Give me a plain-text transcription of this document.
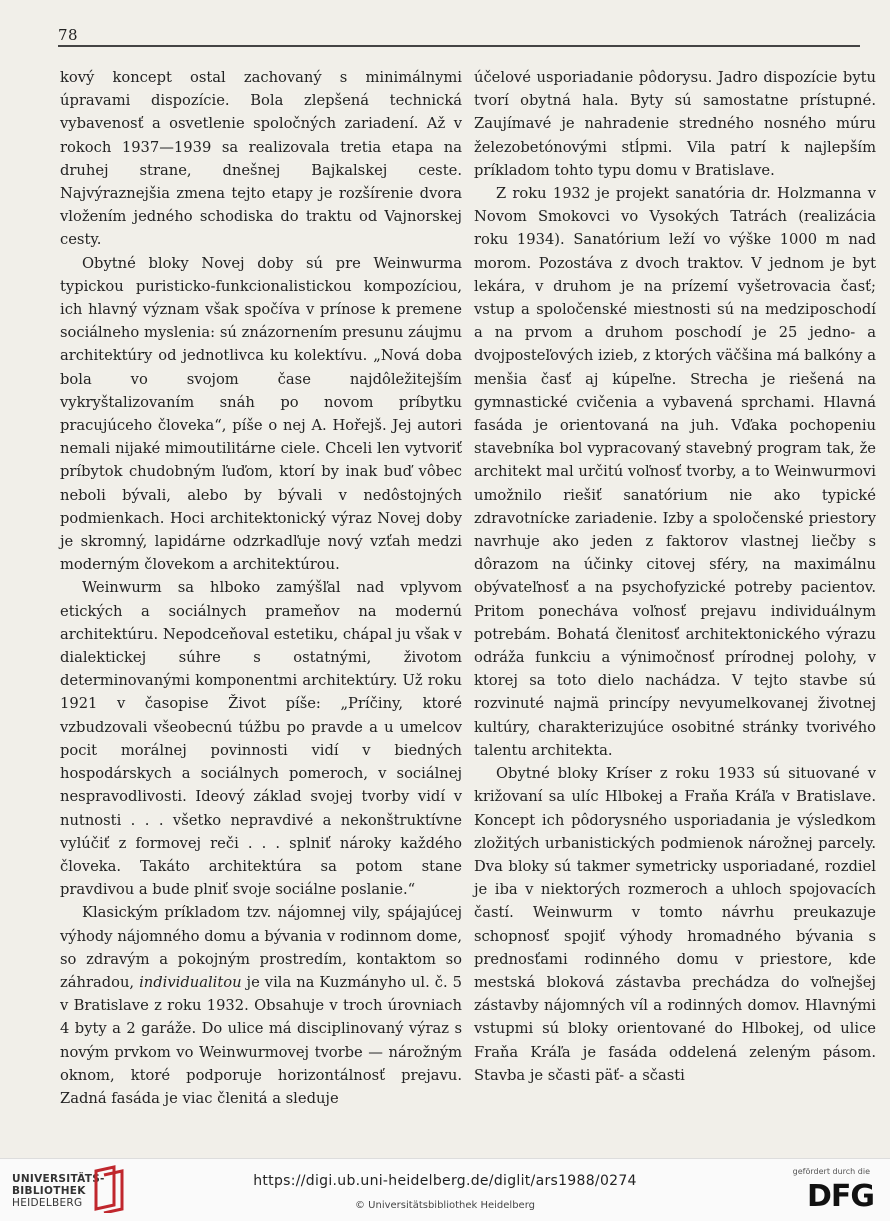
78

kový koncept ostal zachovaný s minimálnymi úpravami dispozície. Bola zlepšená technická vybavenosť a osvetlenie spoločných zariadení. Až v rokoch 1937—1939 sa realizovala tretia etapa na druhej strane, dnešnej Bajkalskej ceste. Najvýraznejšia zmena tejto etapy je rozšírenie dvora vložením jedného schodiska do traktu od Vajnorskej cesty.

Obytné bloky Novej doby sú pre Weinwurma typickou puristicko-funkcionalistickou kompozíciou, ich hlavný význam však spočíva v prínose k premene sociálneho myslenia: sú znázornením presunu záujmu architektúry od jednotlivca ku kolektívu. „Nová doba bola vo svojom čase najdôležitejším vykryštalizovaním snáh po novom príbytku pracujúceho človeka“, píše o nej A. Hořejš. Jej autori nemali nijaké mimoutilitárne ciele. Chceli len vytvoriť príbytok chudobným ľuďom, ktorí by inak buď vôbec neboli bývali, alebo by bývali v nedôstojných podmienkach. Hoci architektonický výraz Novej doby je skromný, lapidárne odzrkadľuje nový vzťah medzi moderným človekom a architektúrou.

Weinwurm sa hlboko zamýšľal nad vplyvom etických a sociálnych prameňov na modernú architektúru. Nepodceňoval estetiku, chápal ju však v dialektickej súhre s ostatnými, životom determinovanými komponentmi architektúry. Už roku 1921 v časopise Život píše: „Príčiny, ktoré vzbudzovali všeobecnú túžbu po pravde a u umelcov pocit morálnej povinnosti vidí v biedných hospodárskych a sociálnych pomeroch, v sociálnej nespravodlivosti. Ideový základ svojej tvorby vidí v nutnosti . . . všetko nepravdivé a nekonštruktívne vylúčiť z formovej reči . . . splniť nároky každého človeka. Takáto architektúra sa potom stane pravdivou a bude plniť svoje sociálne poslanie.“

Klasickým príkladom tzv. nájomnej vily, spájajúcej výhody nájomného domu a bývania v rodinnom dome, so zdravým a pokojným prostredím, kontaktom so záhradou, individualitou je vila na Kuzmányho ul. č. 5 v Bratislave z roku 1932. Obsahuje v troch úrovniach 4 byty a 2 garáže. Do ulice má disciplinovaný výraz s novým prvkom vo Weinwurmovej tvorbe — nárožným oknom, ktoré podporuje horizontálnosť prejavu. Zadná fasáda je viac členitá a sleduje

účelové usporiadanie pôdorysu. Jadro dispozície bytu tvorí obytná hala. Byty sú samostatne prístupné. Zaujímavé je nahradenie stredného nosného múru železobetónovými stĺpmi. Vila patrí k najlepším príkladom tohto typu domu v Bratislave.

Z roku 1932 je projekt sanatória dr. Holzmanna v Novom Smokovci vo Vysokých Tatrách (realizácia roku 1934). Sanatórium leží vo výške 1000 m nad morom. Pozostáva z dvoch traktov. V jednom je byt lekára, v druhom je na prízemí vyšetrovacia časť; vstup a spoločenské miestnosti sú na medziposchodí a na prvom a druhom poschodí je 25 jedno- a dvojposteľových izieb, z ktorých väčšina má balkóny a menšia časť aj kúpeľne. Strecha je riešená na gymnastické cvičenia a vybavená sprchami. Hlavná fasáda je orientovaná na juh. Vďaka pochopeniu stavebníka bol vypracovaný stavebný program tak, že architekt mal určitú voľnosť tvorby, a to Weinwurmovi umožnilo riešiť sanatórium nie ako typické zdravotnícke zariadenie. Izby a spoločenské priestory navrhuje ako jeden z faktorov vlastnej liečby s dôrazom na účinky citovej sféry, na maximálnu obývateľnosť a na psychofyzické potreby pacientov. Pritom ponecháva voľnosť prejavu individuálnym potrebám. Bohatá členitosť architektonického výrazu odráža funkciu a výnimočnosť prírodnej polohy, v ktorej sa toto dielo nachádza. V tejto stavbe sú rozvinuté najmä princípy nevyumelkovanej životnej kultúry, charakterizujúce osobitné stránky tvorivého talentu architekta.

Obytné bloky Kríser z roku 1933 sú situované v križovaní sa ulíc Hlbokej a Fraňa Kráľa v Bratislave. Koncept ich pôdorysného usporiadania je výsledkom zložitých urbanistických podmienok nárožnej parcely. Dva bloky sú takmer symetricky usporiadané, rozdiel je iba v niektorých rozmeroch a uhloch spojovacích častí. Weinwurm v tomto návrhu preukazuje schopnosť spojiť výhody hromadného bývania s prednosťami rodinného domu v priestore, kde mestská bloková zástavba prechádza do voľnejšej zástavby nájomných víl a rodinných domov. Hlavnými vstupmi sú bloky orientované do Hlbokej, od ulice Fraňa Kráľa je fasáda oddelená zeleným pásom. Stavba je sčasti päť- a sčasti

UNIVERSITÄTS-
BIBLIOTHEK
HEIDELBERG
https://digi.ub.uni-heidelberg.de/diglit/ars1988/0274
© Universitätsbibliothek Heidelberg
gefördert durch die
DFG
